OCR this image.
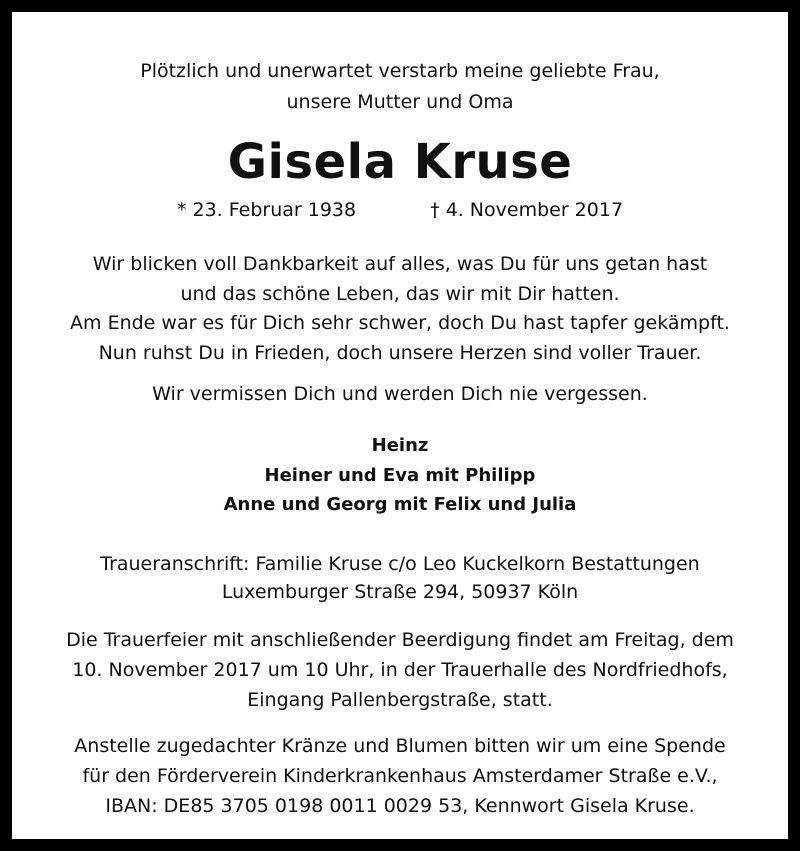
Plötzlich und unerwartet verstarb meine geliebte Frau,
unsere Mutter und Oma
Gisela Kruse
* 23. Februar 1938	† 4. November 2017
Wir blicken voll Dankbarkeit auf alles, was Du für uns getan hast
und das schöne Leben, das wir mit Dir hatten.
Am Ende war es für Dich sehr schwer, doch Du hast tapfer gekämpft.
Nun ruhst Du in Frieden, doch unsere Herzen sind voller Trauer.
Wir vermissen Dich und werden Dich nie vergessen.
Heinz
Heiner und Eva mit Philipp
Anne und Georg mit Felix und Julia
Traueranschrift: Familie Kruse c/o Leo Kuckelkorn Bestattungen
Luxemburger Straße 294, 50937 Köln
Die Trauerfeier mit anschließender Beerdigung findet am Freitag, dem
10. November 2017 um 10 Uhr, in der Trauerhalle des Nordfriedhofs,
Eingang Pallenbergstraße, statt.
Anstelle zugedachter Kränze und Blumen bitten wir um eine Spende
für den Förderverein Kinderkrankenhaus Amsterdamer Straße e.V.,
IBAN: DE85 3705 0198 0011 0029 53, Kennwort Gisela Kruse.
